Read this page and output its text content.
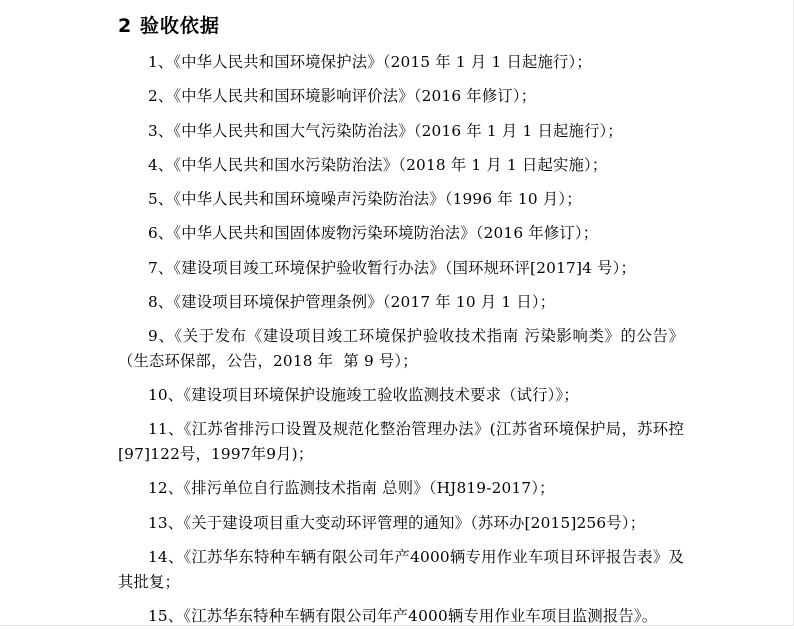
2 验收依据

1、《中华人民共和国环境保护法》（2015 年 1 月 1 日起施行）；

2、《中华人民共和国环境影响评价法》（2016 年修订）；

3、《中华人民共和国大气污染防治法》（2016 年 1 月 1 日起施行）；

4、《中华人民共和国水污染防治法》（2018 年 1 月 1 日起实施）；

5、《中华人民共和国环境噪声污染防治法》（1996 年 10 月）；

6、《中华人民共和国固体废物污染环境防治法》（2016 年修订）；

7、《建设项目竣工环境保护验收暂行办法》（国环规环评[2017]4 号）；

8、《建设项目环境保护管理条例》（2017 年 10 月 1 日）；

9、《关于发布《建设项目竣工环境保护验收技术指南 污染影响类》的公告》（生态环保部，公告，2018 年  第 9 号）；

10、《建设项目环境保护设施竣工验收监测技术要求（试行）》；

11、《江苏省排污口设置及规范化整治管理办法》(江苏省环境保护局，苏环控[97]122号，1997年9月)；

12、《排污单位自行监测技术指南 总则》（HJ819-2017）；

13、《关于建设项目重大变动环评管理的通知》（苏环办[2015]256号）；

14、《江苏华东特种车辆有限公司年产4000辆专用作业车项目环评报告表》及其批复；

15、《江苏华东特种车辆有限公司年产4000辆专用作业车项目监测报告》。
